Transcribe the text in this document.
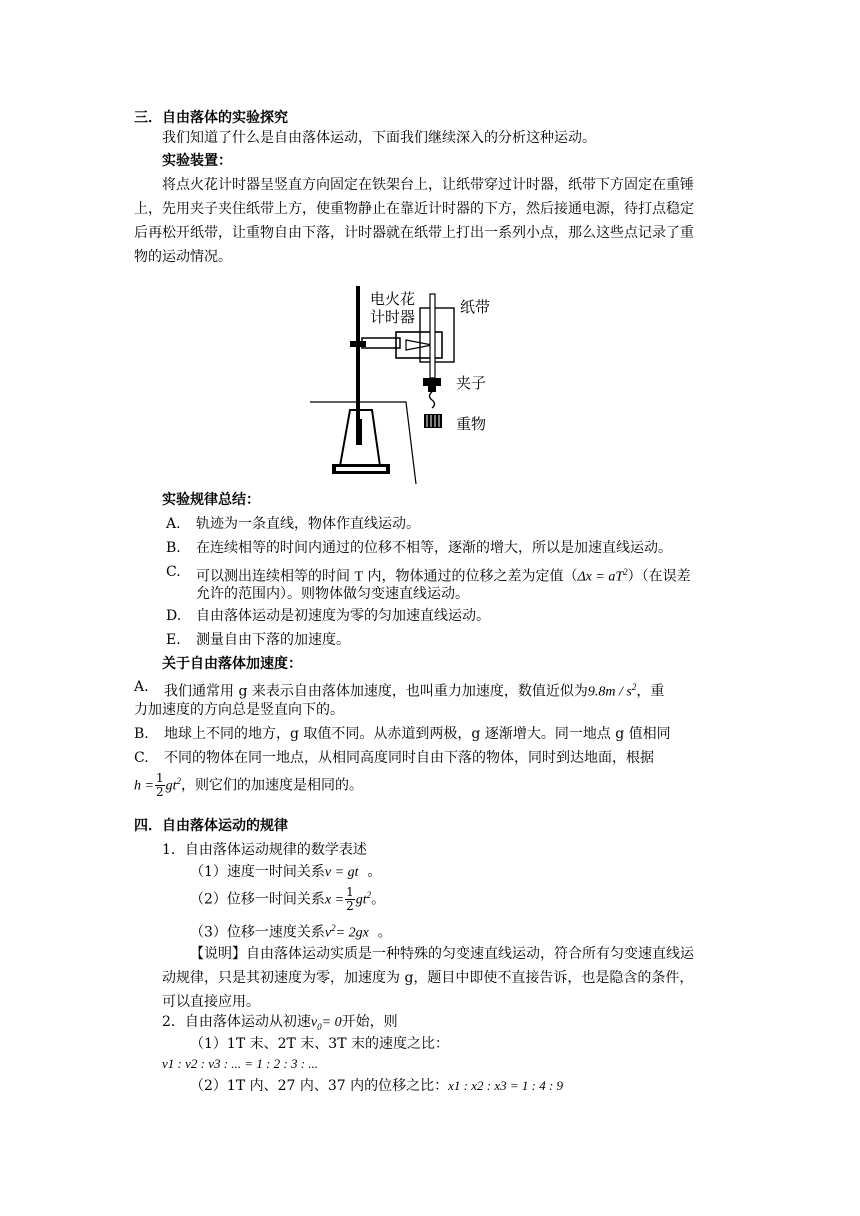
三．自由落体的实验探究
我们知道了什么是自由落体运动，下面我们继续深入的分析这种运动。
实验装置：
将点火花计时器呈竖直方向固定在铁架台上，让纸带穿过计时器，纸带下方固定在重锤
上，先用夹子夹住纸带上方，使重物静止在靠近计时器的下方，然后接通电源，待打点稳定
后再松开纸带，让重物自由下落，计时器就在纸带上打出一系列小点，那么这些点记录了重
物的运动情况。
电火花
计时器
纸带
夹子
重物
实验规律总结：
A. 轨迹为一条直线，物体作直线运动。
B. 在连续相等的时间内通过的位移不相等，逐渐的增大，所以是加速直线运动。
C. 可以测出连续相等的时间 T 内，物体通过的位移之差为定值$(\Delta x = aT^2)$（在误差
允许的范围内）。则物体做匀变速直线运动。
D. 自由落体运动是初速度为零的匀加速直线运动。
E. 测量自由下落的加速度。
关于自由落体加速度：
A. 我们通常用 g 来表示自由落体加速度，也叫重力加速度，数值近似为$9.8m / s^2$，重
力加速度的方向总是竖直向下的。
B. 地球上不同的地方，g 取值不同。从赤道到两极，g 逐渐增大。同一地点 g 值相同
C. 不同的物体在同一地点，从相同高度同时自由下落的物体，同时到达地面，根据
$h = \frac{1}{2} gt^2$，则它们的加速度是相同的。
四．自由落体运动的规律
1．自由落体运动规律的数学表述
（1）速度一时间关系v = gt 。
（2）位移一时间关系$x = \frac{1}{2} gt^2$。
（3）位移一速度关系$v^2= 2gx$ 。
【说明】自由落体运动实质是一种特殊的匀变速直线运动，符合所有匀变速直线运
动规律，只是其初速度为零，加速度为 g，题目中即使不直接告诉，也是隐含的条件，
可以直接应用。
2．自由落体运动从初速$v_0= 0$开始，则
（1）1T 末、2T 末、3T 末的速度之比：
v1 : v2 : v3 : ... = 1 : 2 : 3 : ...
（2）1T 内、27 内、37 内的位移之比：x1 : x2 : x3 = 1 : 4 : 9
